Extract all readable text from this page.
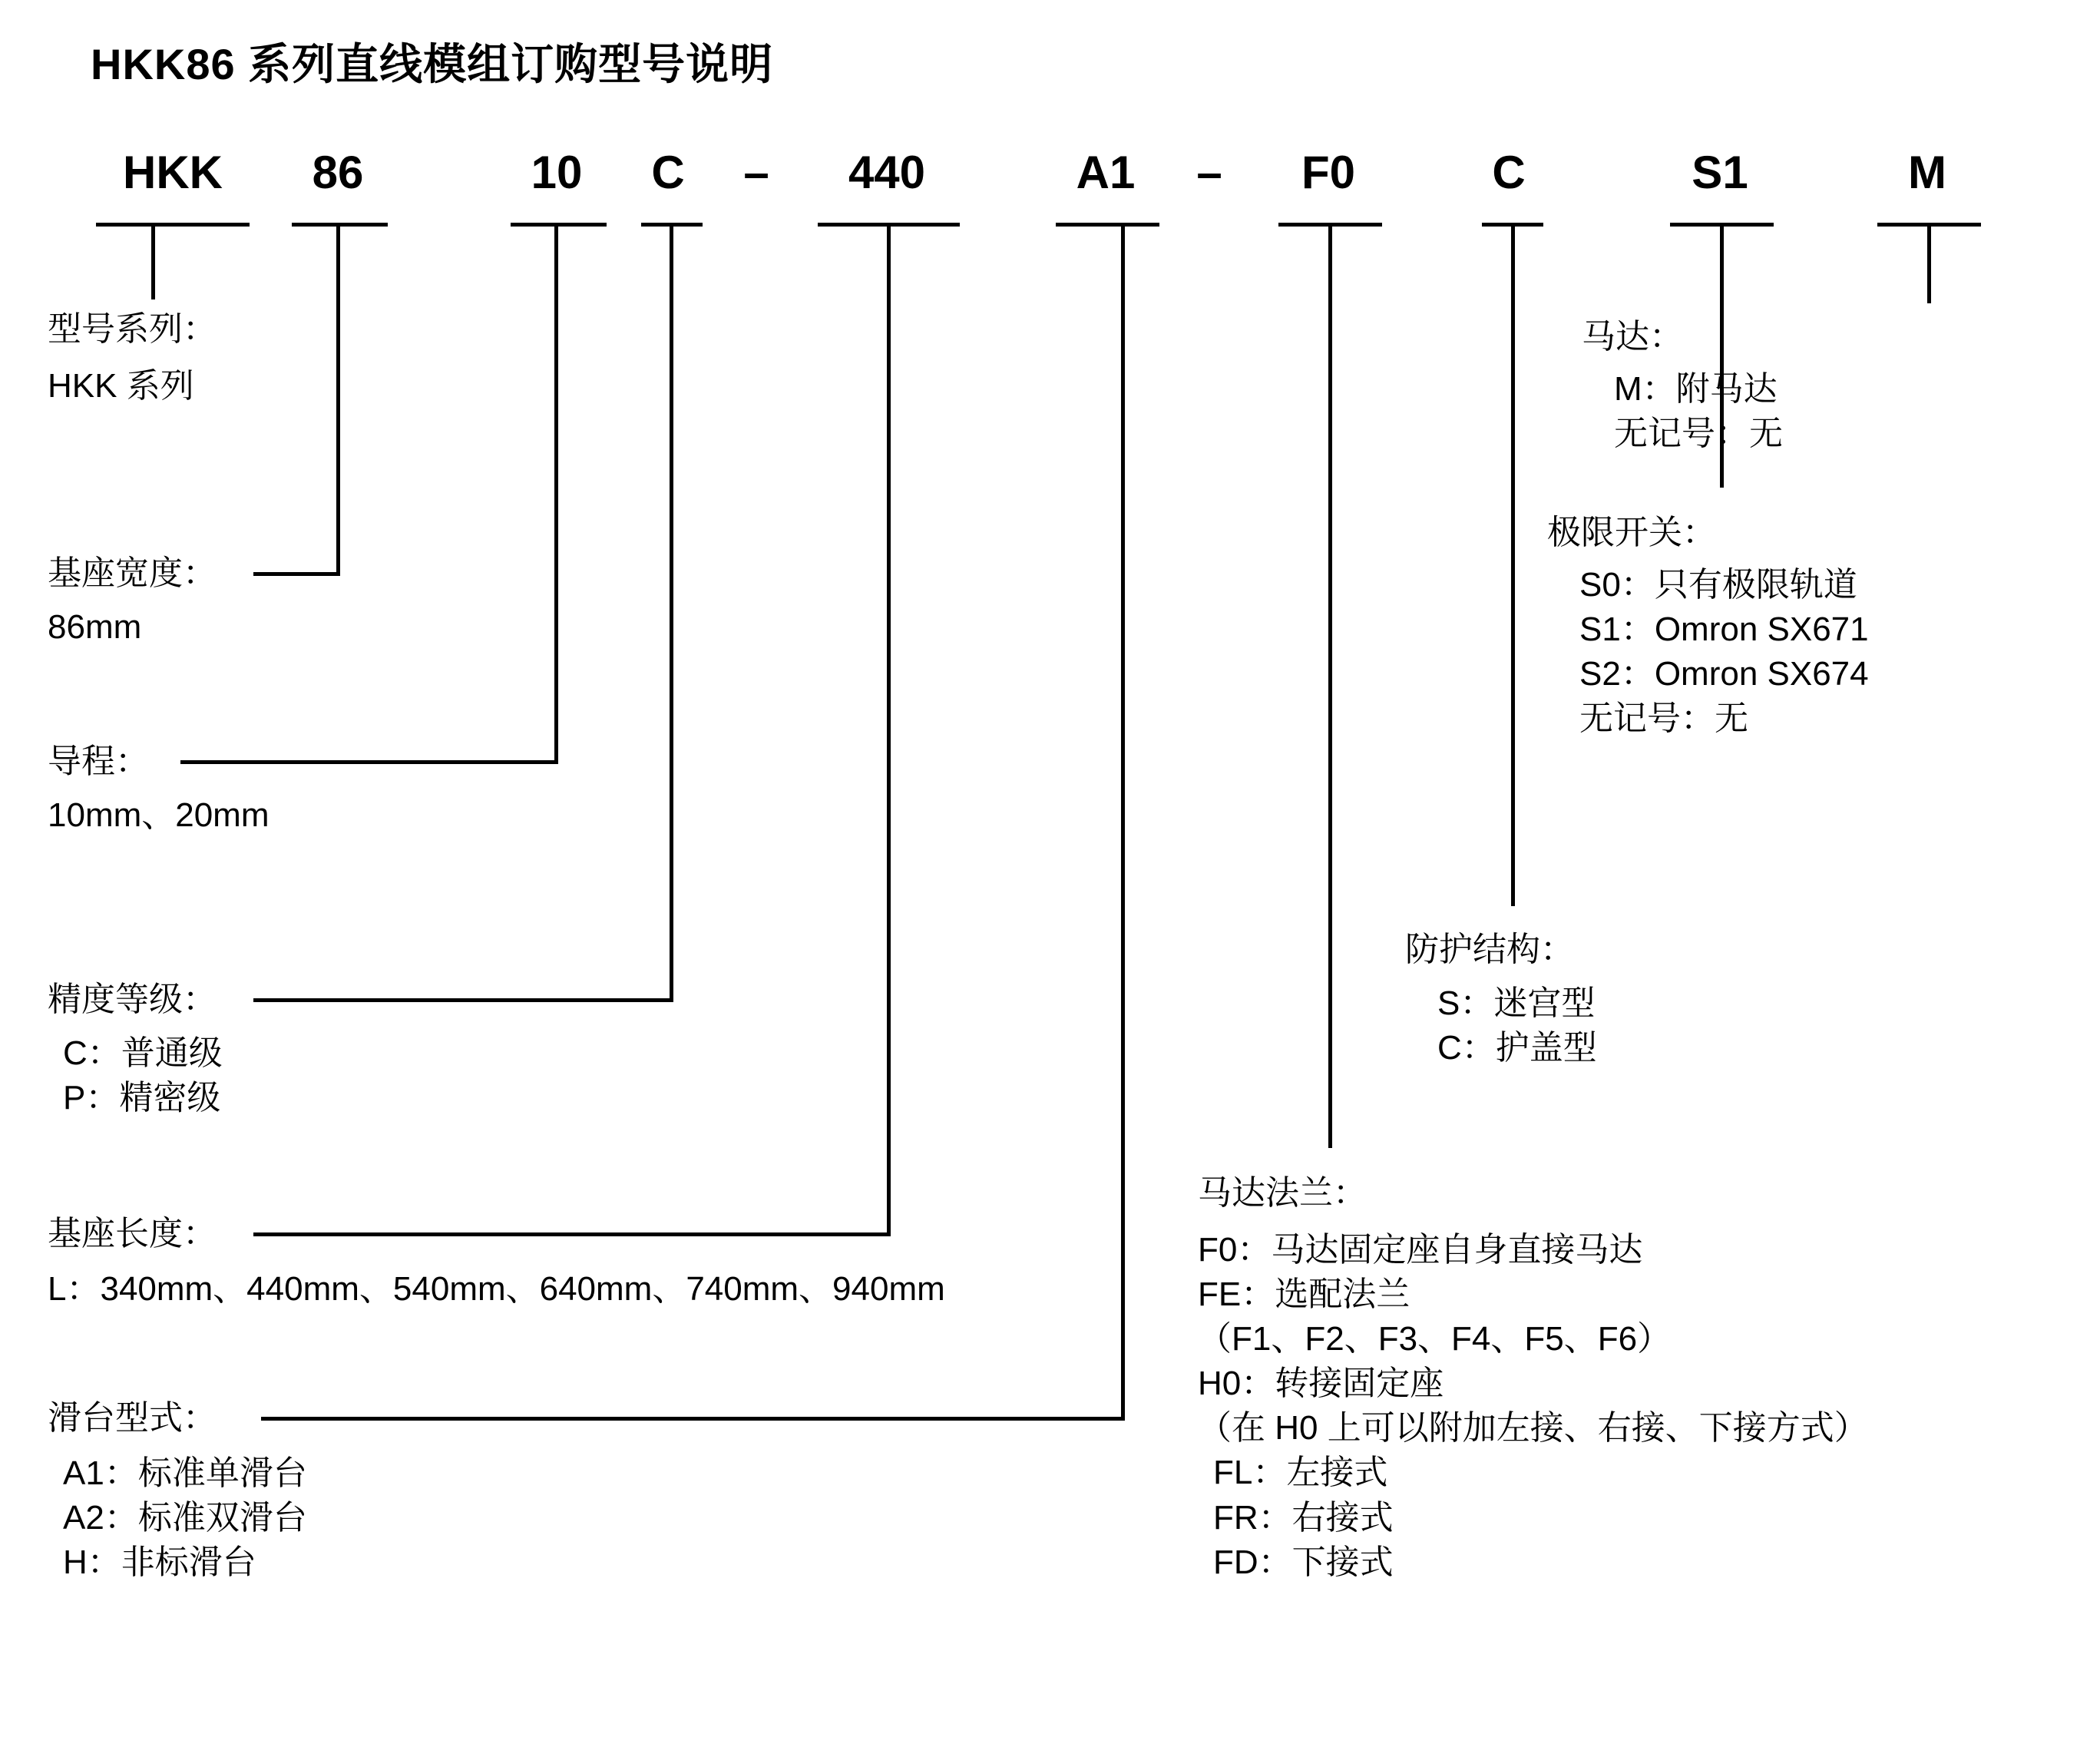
HKK86 系列直线模组订购型号说明
HKK	86	10	C	–	440	A1	–	F0	C	S1	M
型号系列：
HKK 系列
基座宽度：
86mm
导程：
10mm、20mm
精度等级：
C：普通级
P：精密级
基座长度：
L：340mm、440mm、540mm、640mm、740mm、940mm
滑台型式：
A1：标准单滑台
A2：标准双滑台
H：非标滑台
马达：
M：附马达
无记号：无
极限开关：
S0：只有极限轨道
S1：Omron SX671
S2：Omron SX674
无记号：无
防护结构：
S：迷宫型
C：护盖型
马达法兰：
F0：马达固定座自身直接马达
FE：选配法兰
（F1、F2、F3、F4、F5、F6）
H0：转接固定座
（在 H0 上可以附加左接、右接、下接方式）
FL：左接式
FR：右接式
FD：下接式
